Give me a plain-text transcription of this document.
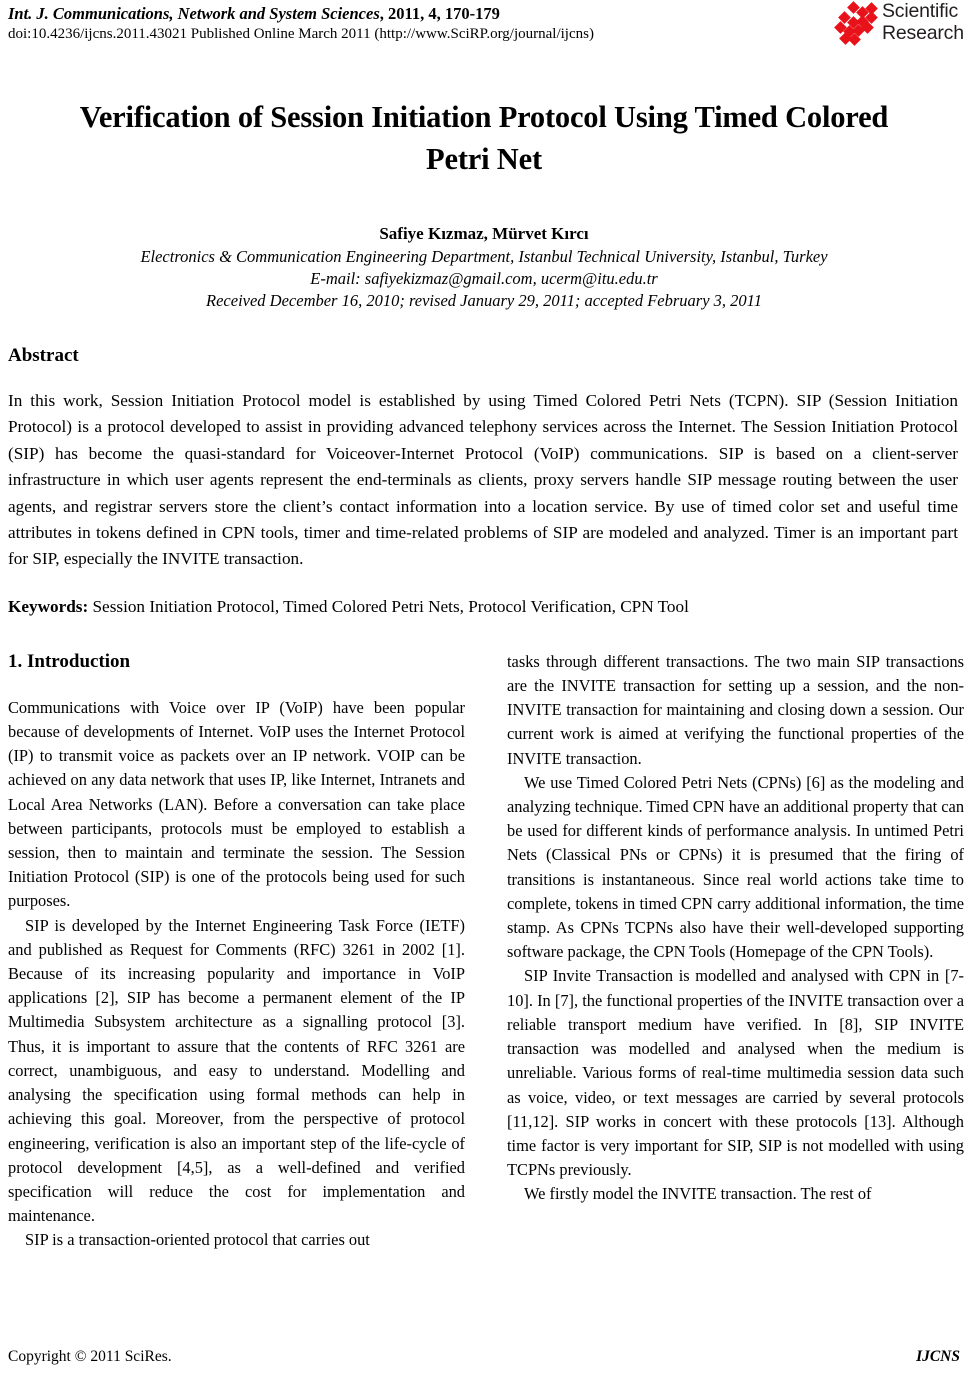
Int. J. Communications, Network and System Sciences, 2011, 4, 170-179
doi:10.4236/ijcns.2011.43021 Published Online March 2011 (http://www.SciRP.org/journal/ijcns)
Scientific
Research
Verification of Session Initiation Protocol Using Timed Colored Petri Net
Safiye Kızmaz, Mürvet Kırcı
Electronics & Communication Engineering Department, Istanbul Technical University, Istanbul, Turkey
E-mail: safiyekizmaz@gmail.com, ucerm@itu.edu.tr
Received December 16, 2010; revised January 29, 2011; accepted February 3, 2011
Abstract
In this work, Session Initiation Protocol model is established by using Timed Colored Petri Nets (TCPN). SIP (Session Initiation Protocol) is a protocol developed to assist in providing advanced telephony services across the Internet. The Session Initiation Protocol (SIP) has become the quasi-standard for Voiceover-Internet Protocol (VoIP) communications. SIP is based on a client-server infrastructure in which user agents represent the end-terminals as clients, proxy servers handle SIP message routing between the user agents, and registrar servers store the client’s contact information into a location service. By use of timed color set and useful time attributes in tokens defined in CPN tools, timer and time-related problems of SIP are modeled and analyzed. Timer is an important part for SIP, especially the INVITE transaction.
Keywords: Session Initiation Protocol, Timed Colored Petri Nets, Protocol Verification, CPN Tool
1. Introduction

Communications with Voice over IP (VoIP) have been popular because of developments of Internet. VoIP uses the Internet Protocol (IP) to transmit voice as packets over an IP network. VOIP can be achieved on any data network that uses IP, like Internet, Intranets and Local Area Networks (LAN). Before a conversation can take place between participants, protocols must be employed to establish a session, then to maintain and terminate the session. The Session Initiation Protocol (SIP) is one of the protocols being used for such purposes.

SIP is developed by the Internet Engineering Task Force (IETF) and published as Request for Comments (RFC) 3261 in 2002 [1]. Because of its increasing popularity and importance in VoIP applications [2], SIP has become a permanent element of the IP Multimedia Subsystem architecture as a signalling protocol [3]. Thus, it is important to assure that the contents of RFC 3261 are correct, unambiguous, and easy to understand. Modelling and analysing the specification using formal methods can help in achieving this goal. Moreover, from the perspective of protocol engineering, verification is also an important step of the life-cycle of protocol development [4,5], as a well-defined and verified specification will reduce the cost for implementation and maintenance.

SIP is a transaction-oriented protocol that carries out

tasks through different transactions. The two main SIP transactions are the INVITE transaction for setting up a session, and the non-INVITE transaction for maintaining and closing down a session. Our current work is aimed at verifying the functional properties of the INVITE transaction.

We use Timed Colored Petri Nets (CPNs) [6] as the modeling and analyzing technique. Timed CPN have an additional property that can be used for different kinds of performance analysis. In untimed Petri Nets (Classical PNs or CPNs) it is presumed that the firing of transitions is instantaneous. Since real world actions take time to complete, tokens in timed CPN carry additional information, the time stamp. As CPNs TCPNs also have their well-developed supporting software package, the CPN Tools (Homepage of the CPN Tools).

SIP Invite Transaction is modelled and analysed with CPN in [7-10]. In [7], the functional properties of the INVITE transaction over a reliable transport medium have verified. In [8], SIP INVITE transaction was modelled and analysed when the medium is unreliable. Various forms of real-time multimedia session data such as voice, video, or text messages are carried by several protocols [11,12]. SIP works in concert with these protocols [13]. Although time factor is very important for SIP, SIP is not modelled with using TCPNs previously.

We firstly model the INVITE transaction. The rest of

Copyright © 2011 SciRes.	IJCNS
